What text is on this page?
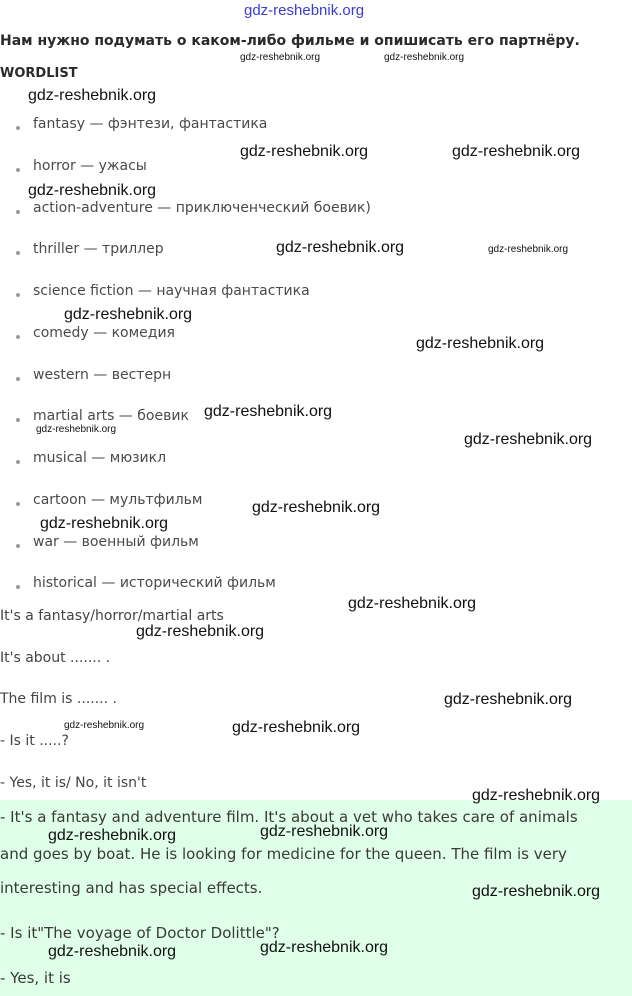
gdz-reshebnik.org
Нам нужно подумать о каком-либо фильме и опишисать его партнёру.
WORDLIST
fantasy — фэнтези, фантастика
horror — ужасы
action-adventure — приключенческий боевик)
thriller — триллер
science fiction — научная фантастика
comedy — комедия
western — вестерн
martial arts — боевик
musical — мюзикл
cartoon — мультфильм
war — военный фильм
historical — исторический фильм
It's a fantasy/horror/martial arts
It's about ....... .
The film is ....... .
- Is it .....?
- Yes, it is/ No, it isn't
- It's a fantasy and adventure film. It's about a vet who takes care of animals
and goes by boat. He is looking for medicine for the queen. The film is very
interesting and has special effects.
- Is it"The voyage of Doctor Dolittle"?
- Yes, it is
gdz-reshebnik.org	gdz-reshebnik.org
gdz-reshebnik.org
gdz-reshebnik.org	gdz-reshebnik.org
gdz-reshebnik.org
gdz-reshebnik.org	gdz-reshebnik.org
gdz-reshebnik.org
gdz-reshebnik.org
gdz-reshebnik.org
gdz-reshebnik.org
gdz-reshebnik.org
gdz-reshebnik.org
gdz-reshebnik.org
gdz-reshebnik.org
gdz-reshebnik.org
gdz-reshebnik.org
gdz-reshebnik.org	gdz-reshebnik.org
gdz-reshebnik.org
gdz-reshebnik.org	gdz-reshebnik.org
gdz-reshebnik.org
gdz-reshebnik.org	gdz-reshebnik.org
